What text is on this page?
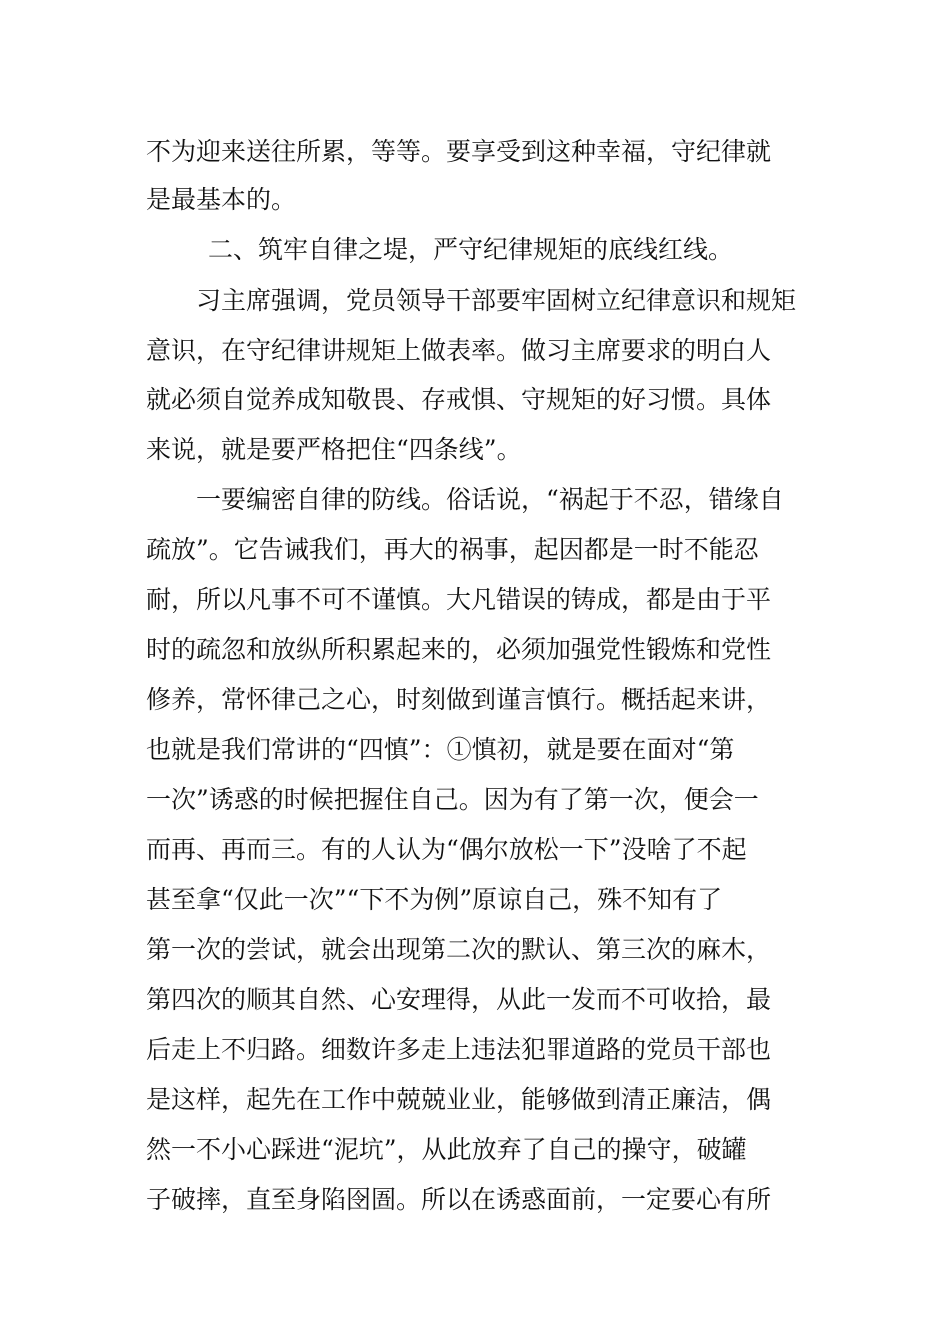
不为迎来送往所累，等等。要享受到这种幸福，守纪律就
是最基本的。
二、筑牢自律之堤，严守纪律规矩的底线红线。
习主席强调，党员领导干部要牢固树立纪律意识和规矩
意识，在守纪律讲规矩上做表率。做习主席要求的明白人
就必须自觉养成知敬畏、存戒惧、守规矩的好习惯。具体
来说，就是要严格把住“四条线”。
一要编密自律的防线。俗话说，“祸起于不忍，错缘自
疏放”。它告诫我们，再大的祸事，起因都是一时不能忍
耐，所以凡事不可不谨慎。大凡错误的铸成，都是由于平
时的疏忽和放纵所积累起来的，必须加强党性锻炼和党性
修养，常怀律己之心，时刻做到谨言慎行。概括起来讲，
也就是我们常讲的“四慎”：①慎初，就是要在面对“第
一次”诱惑的时候把握住自己。因为有了第一次，便会一
而再、再而三。有的人认为“偶尔放松一下”没啥了不起
甚至拿“仅此一次”“下不为例”原谅自己，殊不知有了
第一次的尝试，就会出现第二次的默认、第三次的麻木，
第四次的顺其自然、心安理得，从此一发而不可收拾，最
后走上不归路。细数许多走上违法犯罪道路的党员干部也
是这样，起先在工作中兢兢业业，能够做到清正廉洁，偶
然一不小心踩进“泥坑”，从此放弃了自己的操守，破罐
子破摔，直至身陷囹圄。所以在诱惑面前，一定要心有所
